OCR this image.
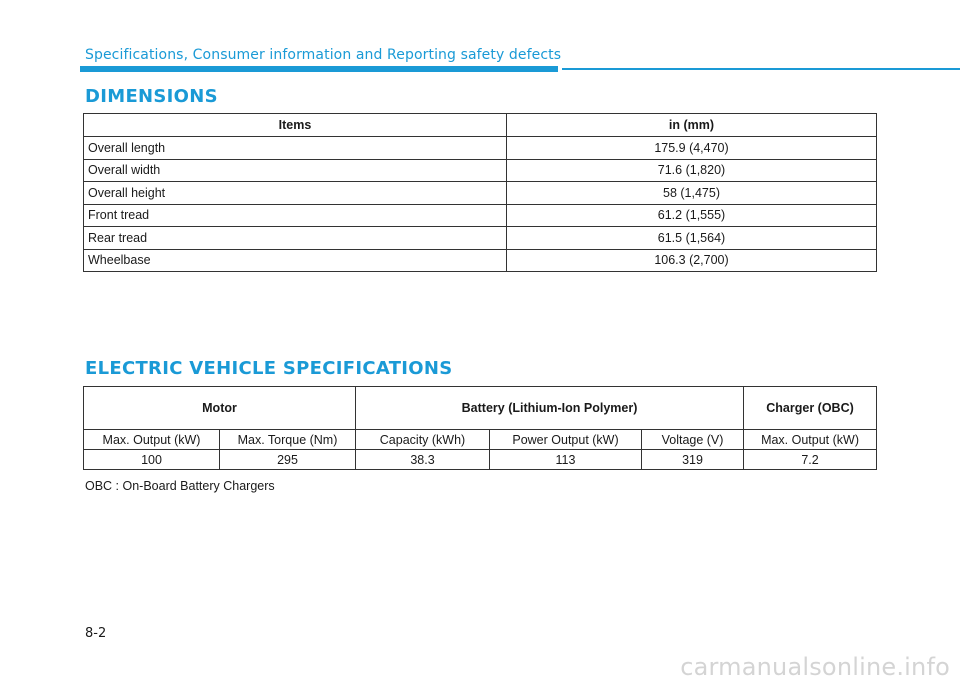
Specifications, Consumer information and Reporting safety defects
DIMENSIONS
Items	in (mm)
Overall length	175.9 (4,470)
Overall width	71.6 (1,820)
Overall height	58 (1,475)
Front tread	61.2 (1,555)
Rear tread	61.5 (1,564)
Wheelbase	106.3 (2,700)
ELECTRIC VEHICLE SPECIFICATIONS
Motor		Battery (Lithium-Ion Polymer)			Charger (OBC)
Max. Output (kW)	Max. Torque (Nm)	Capacity (kWh)	Power Output (kW)	Voltage (V)	Max. Output (kW)
100	295	38.3	113	319	7.2
OBC : On-Board Battery Chargers
8-2
carmanualsonline.info
